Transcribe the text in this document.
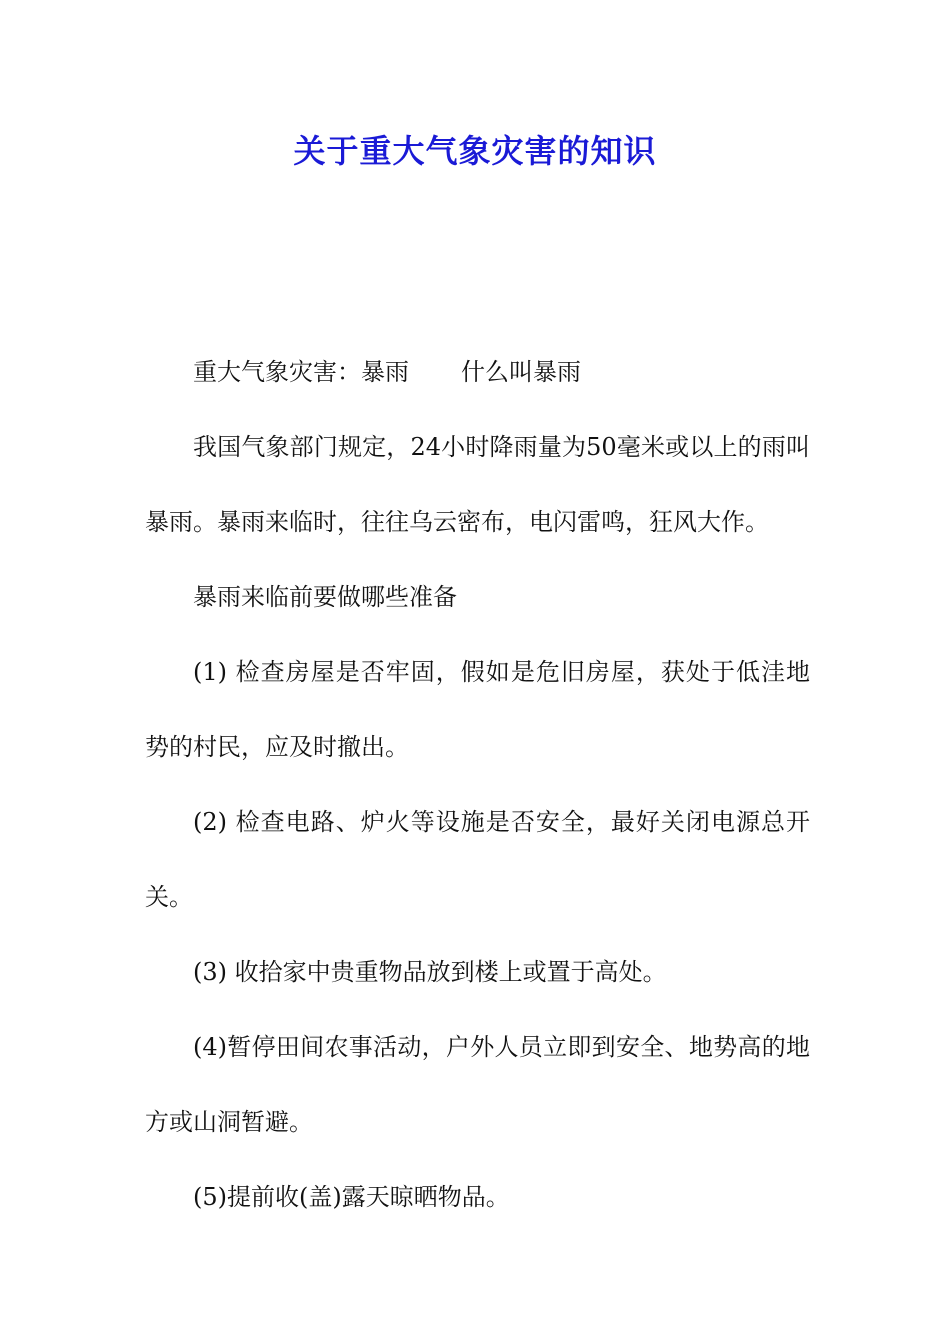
关于重大气象灾害的知识

重大气象灾害：暴雨 什么叫暴雨

我国气象部门规定，24小时降雨量为50毫米或以上的雨叫暴雨。暴雨来临时，往往乌云密布，电闪雷鸣，狂风大作。

暴雨来临前要做哪些准备

(1) 检查房屋是否牢固，假如是危旧房屋，获处于低洼地势的村民，应及时撤出。

(2) 检查电路、炉火等设施是否安全，最好关闭电源总开关。

(3) 收拾家中贵重物品放到楼上或置于高处。

(4)暂停田间农事活动，户外人员立即到安全、地势高的地方或山洞暂避。

(5)提前收(盖)露天晾晒物品。
